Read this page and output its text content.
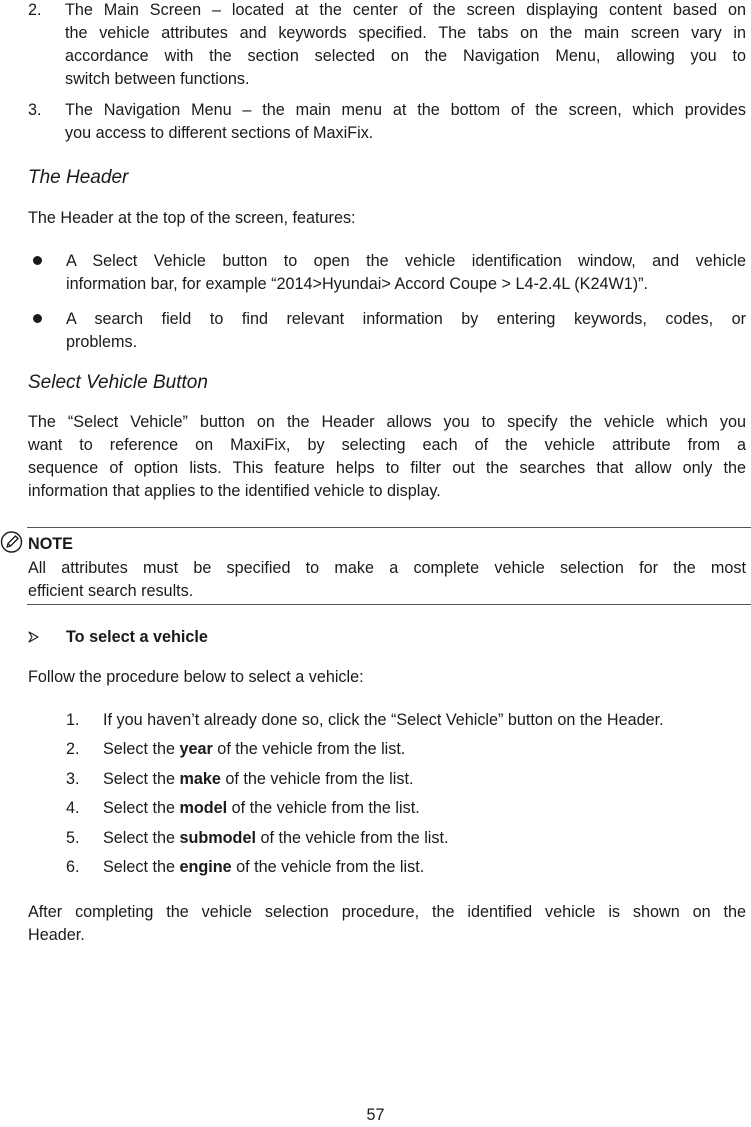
2. The Main Screen – located at the center of the screen displaying content based on
the vehicle attributes and keywords specified. The tabs on the main screen vary in
accordance with the section selected on the Navigation Menu, allowing you to
switch between functions.
3. The Navigation Menu – the main menu at the bottom of the screen, which provides
you access to different sections of MaxiFix.
The Header
The Header at the top of the screen, features:
A Select Vehicle button to open the vehicle identification window, and vehicle
information bar, for example “2014>Hyundai> Accord Coupe > L4-2.4L (K24W1)”.
A search field to find relevant information by entering keywords, codes, or
problems.
Select Vehicle Button
The “Select Vehicle” button on the Header allows you to specify the vehicle which you
want to reference on MaxiFix, by selecting each of the vehicle attribute from a
sequence of option lists. This feature helps to filter out the searches that allow only the
information that applies to the identified vehicle to display.
NOTE
All attributes must be specified to make a complete vehicle selection for the most
efficient search results.
To select a vehicle
Follow the procedure below to select a vehicle:
1. If you haven’t already done so, click the “Select Vehicle” button on the Header.
2. Select the year of the vehicle from the list.
3. Select the make of the vehicle from the list.
4. Select the model of the vehicle from the list.
5. Select the submodel of the vehicle from the list.
6. Select the engine of the vehicle from the list.
After completing the vehicle selection procedure, the identified vehicle is shown on the
Header.
57
